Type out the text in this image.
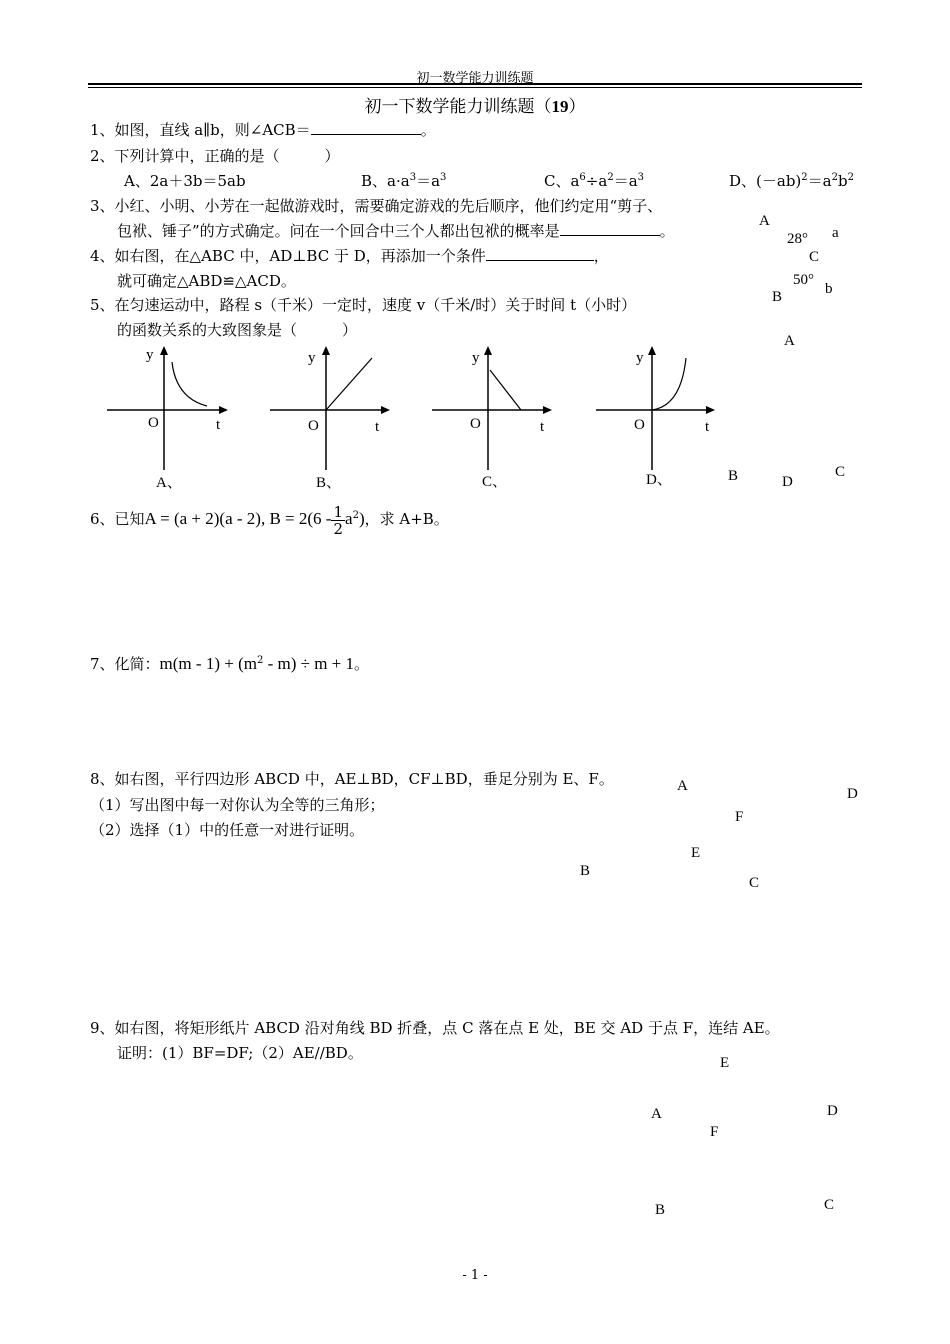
初一数学能力训练题
初一下数学能力训练题（19）
1、如图，直线 a∥b，则∠ACB＝	。
2、下列计算中，正确的是（　　　）
A、2a＋3b＝5ab	B、$a\cdot a^3=a^3$	C、$a^6\div a^2=a^3$	D、$(-ab)^2=a^2b^2$
3、小红、小明、小芳在一起做游戏时，需要确定游戏的先后顺序，他们约定用“剪子、
包袱、锤子”的方式确定。问在一个回合中三个人都出包袱的概率是	。
4、如右图，在△ABC 中，AD⊥BC 于 D，再添加一个条件	，
就可确定△ABD≌△ACD。
5、在匀速运动中，路程 s（千米）一定时，速度 v（千米/时）关于时间 t（小时）
的函数关系的大致图象是（　　　）
A
28° a
C
50°
b
B
A
B	D
C
y
O	t
A、
y
O	t
B、
y
O	t
C、
y
O	t
D、
6、已知A = (a + 2)(a - 2), $B = 2(6 - \frac{1}{2} a^2)$，求 A+B。
7、化简：$m(m - 1) + (m^2 - m) \div m + 1$。
8、如右图，平行四边形 ABCD 中，AE⊥BD，CF⊥BD，垂足分别为 E、F。
（1）写出图中每一对你认为全等的三角形；
（2）选择（1）中的任意一对进行证明。
A	D
F
E
B
C
9、如右图，将矩形纸片 ABCD 沿对角线 BD 折叠，点 C 落在点 E 处，BE 交 AD 于点 F，连结 AE。
证明：(1）BF=DF;（2）AE//BD。
E
A	D
F
B	C
- 1 -
